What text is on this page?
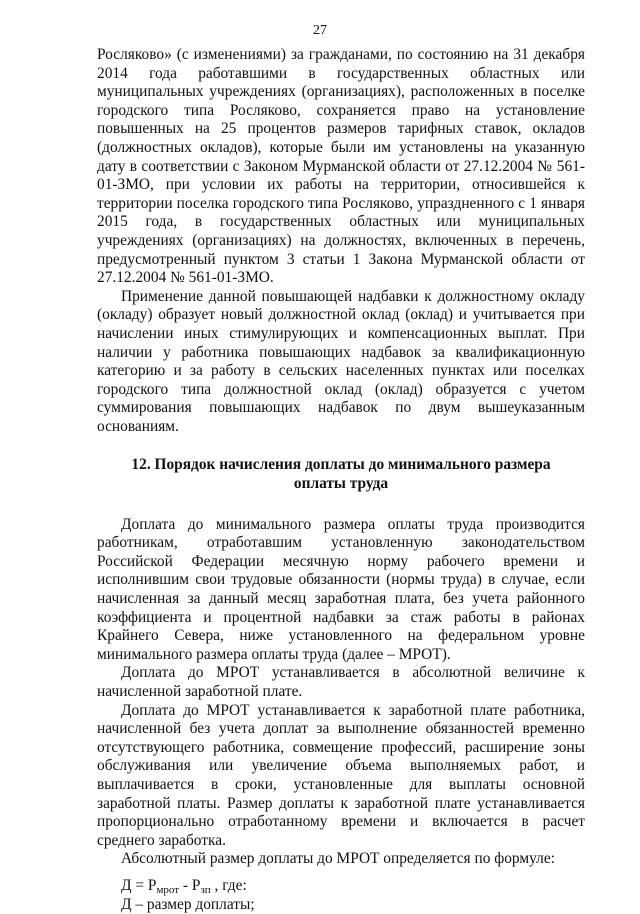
27

Росляково» (с изменениями) за гражданами, по состоянию на 31 декабря 2014 года работавшими в государственных областных или муниципальных учреждениях (организациях), расположенных в поселке городского типа Росляково, сохраняется право на установление повышенных на 25 процентов размеров тарифных ставок, окладов (должностных окладов), которые были им установлены на указанную дату в соответствии с Законом Мурманской области от 27.12.2004 № 561-01-ЗМО, при условии их работы на территории, относившейся к территории поселка городского типа Росляково, упраздненного с 1 января 2015 года, в государственных областных или муниципальных учреждениях (организациях) на должностях, включенных в перечень, предусмотренный пунктом 3 статьи 1 Закона Мурманской области от 27.12.2004 № 561-01-ЗМО.

Применение данной повышающей надбавки к должностному окладу (окладу) образует новый должностной оклад (оклад) и учитывается при начислении иных стимулирующих и компенсационных выплат. При наличии у работника повышающих надбавок за квалификационную категорию и за работу в сельских населенных пунктах или поселках городского типа должностной оклад (оклад) образуется с учетом суммирования повышающих надбавок по двум вышеуказанным основаниям.

12. Порядок начисления доплаты до минимального размера оплаты труда

Доплата до минимального размера оплаты труда производится работникам, отработавшим установленную законодательством Российской Федерации месячную норму рабочего времени и исполнившим свои трудовые обязанности (нормы труда) в случае, если начисленная за данный месяц заработная плата, без учета районного коэффициента и процентной надбавки за стаж работы в районах Крайнего Севера, ниже установленного на федеральном уровне минимального размера оплаты труда (далее – МРОТ).

Доплата до МРОТ устанавливается в абсолютной величине к начисленной заработной плате.

Доплата до МРОТ устанавливается к заработной плате работника, начисленной без учета доплат за выполнение обязанностей временно отсутствующего работника, совмещение профессий, расширение зоны обслуживания или увеличение объема выполняемых работ, и выплачивается в сроки, установленные для выплаты основной заработной платы. Размер доплаты к заработной плате устанавливается пропорционально отработанному времени и включается в расчет среднего заработка.

Абсолютный размер доплаты до МРОТ определяется по формуле:

$Д = Р_{мрот} - Р_{зп}$ , где:

Д – размер доплаты;
